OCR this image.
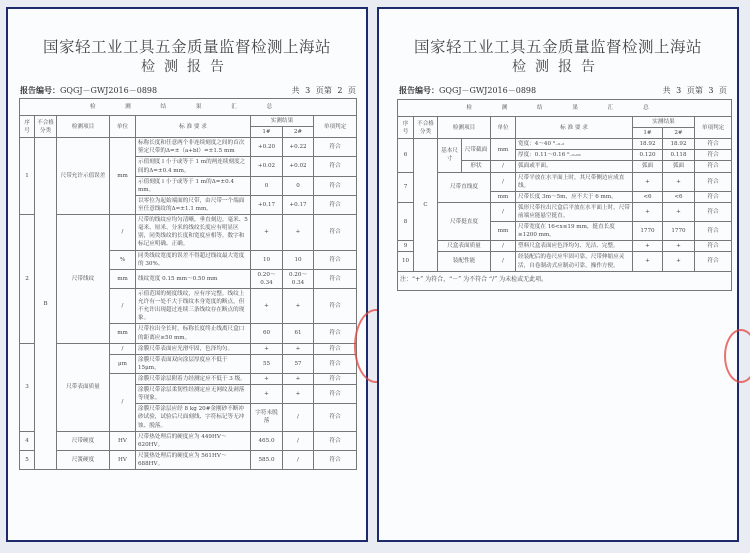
国家轻工业工具五金质量监督检测上海站
检测报告
报告编号：GQGJ－GWJ2016－0898	共 3 页第 2 页
检 测 结 果 汇 总							
序号	不合格分类	检测项目	单位	标 准 要 求	实测结果		单项判定
					1#	2#	
1	B	尺带允许示值误差	mm	标称长度和任意两个非连续刻度之间的首次鉴定尺带的Δ=±（a+bl）=±1.5 mm	+0.20	+0.22	符合
				示值刻度 l 小于或等于 1 m的两连续刻度之间的Δ=±0.4 mm。	+0.02	+0.02	符合
				示值刻度 l 小于或等于 1 m的Δ=±0.4 mm。	0	0	符合
				以零位为起始端面的尺带，由尺带一个端面至任意线纹的Δ=±1.1 mm。	+0.17	+0.17	符合
2		尺带线纹	/	尺带的线纹应均匀清晰，垂直刻边。毫米、5 毫米、厘米、分米的线纹长度应有明显区别，同类线纹的长度和宽度应相等。数字和标记应明确、正确。	+	+	符合
			%	同类线纹宽度的误差不得超过线纹最大宽度的 30%。	10	10	符合
			mm	线纹宽度 0.15 mm～0.50 mm	0.20～0.34	0.20～0.34	符合
			/	示值范围的刻度线纹，应有序完整。线纹上允许有一处不大于线纹本身宽度的断点，但不允许出现超过连续三条线纹存在断点的现象。	+	+	符合
			mm	尺带拉出全长时，标称长度终止线离尺盒口的距离应≥50 mm。	60	61	符合
3		尺带表面质量	/	涂膜尺带表面应光滑牢固，色泽均匀。	+	+	符合
			μm	涂膜尺带表面双向涂层厚度应不低于 15μm。	55	57	符合
			/	涂膜尺带涂层附着力经测定应不低于 3 级。	+	+	符合
				涂膜尺带涂层柔韧性经测定应无网纹及剥落等现象。	+	+	符合
				涂膜尺带涂层应经 8 kg 20#金刚砂不断冲砂试验，试验后尺面刻线、字符标记等无冲蚀、脱落。	字符未脱落	/	符合
4		尺带硬度	HV	尺带热处理后的硬度应为 449HV～620HV。	465.0	/	符合
5		尺簧硬度	HV	尺簧热处理后的硬度应为 561HV～688HV。	585.0	/	符合
国家轻工业工具五金质量监督检测上海站
检测报告
报告编号：GQGJ－GWJ2016－0898	共 3 页第 3 页
检 测 结 果 汇 总								
序号	不合格分类	检测项目		单位	标 准 要 求	实测结果		单项判定
						1#	2#	
6	C	基本尺寸	尺带截面	mm	宽度：4～40 ⁰₋₀.₂	18.92	18.92	符合
					厚度：0.11～0.16 ⁰₋₀.₀₂	0.120	0.118	符合
			形状	/	弧面或平面。	弧面	弧面	符合
7		尺带直线度		/	尺带平放在水平面上时，其尺带侧边应成直线。	+	+	符合
				mm	尺带长度 3m～5m，应不大于 6 mm。	<6	<6	符合
8		尺带挺直度		/	弧形尺带拉出尺盒后平放在水平面上时，尺带前端应能悬空挺直。	+	+	符合
				mm	尺带宽度在 16<x≤19 mm，挺直长度≥1200 mm。	1770	1770	符合
9		尺盒表面质量		/	塑料尺盒表面应色泽均匀、光洁、完整。	+	+	符合
10		装配性能		/	经装配后的卷尺应牢固可靠，尺带伸缩应灵活，自卷制动式应制动可靠，操作方便。	+	+	符合
注：“+” 为符合，“－” 为不符合 “/” 为未检或无此项。								
